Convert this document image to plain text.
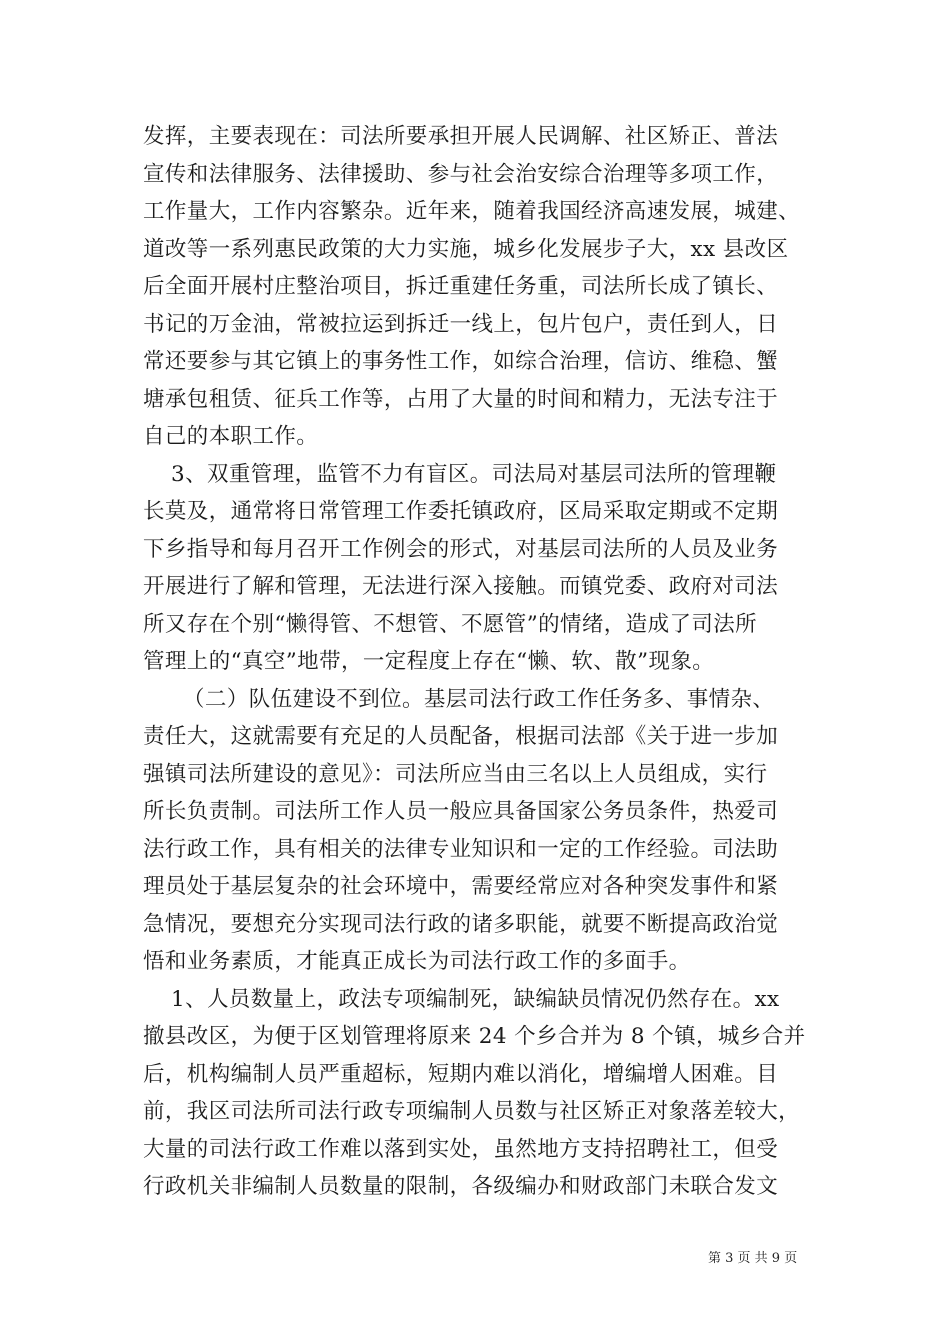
发挥，主要表现在：司法所要承担开展人民调解、社区矫正、普法
宣传和法律服务、法律援助、参与社会治安综合治理等多项工作，
工作量大，工作内容繁杂。近年来，随着我国经济高速发展，城建、
道改等一系列惠民政策的大力实施，城乡化发展步子大，xx 县改区
后全面开展村庄整治项目，拆迁重建任务重，司法所长成了镇长、
书记的万金油，常被拉运到拆迁一线上，包片包户，责任到人，日
常还要参与其它镇上的事务性工作，如综合治理，信访、维稳、蟹
塘承包租赁、征兵工作等，占用了大量的时间和精力，无法专注于
自己的本职工作。
3、双重管理，监管不力有盲区。司法局对基层司法所的管理鞭
长莫及，通常将日常管理工作委托镇政府，区局采取定期或不定期
下乡指导和每月召开工作例会的形式，对基层司法所的人员及业务
开展进行了解和管理，无法进行深入接触。而镇党委、政府对司法
所又存在个别“懒得管、不想管、不愿管”的情绪，造成了司法所
管理上的“真空”地带，一定程度上存在“懒、软、散”现象。
（二）队伍建设不到位。基层司法行政工作任务多、事情杂、
责任大，这就需要有充足的人员配备，根据司法部《关于进一步加
强镇司法所建设的意见》：司法所应当由三名以上人员组成，实行
所长负责制。司法所工作人员一般应具备国家公务员条件，热爱司
法行政工作，具有相关的法律专业知识和一定的工作经验。司法助
理员处于基层复杂的社会环境中，需要经常应对各种突发事件和紧
急情况，要想充分实现司法行政的诸多职能，就要不断提高政治觉
悟和业务素质，才能真正成长为司法行政工作的多面手。
1、人员数量上，政法专项编制死，缺编缺员情况仍然存在。xx
撤县改区，为便于区划管理将原来 24 个乡合并为 8 个镇，城乡合并
后，机构编制人员严重超标，短期内难以消化，增编增人困难。目
前，我区司法所司法行政专项编制人员数与社区矫正对象落差较大，
大量的司法行政工作难以落到实处，虽然地方支持招聘社工，但受
行政机关非编制人员数量的限制，各级编办和财政部门未联合发文
第 3 页 共 9 页
